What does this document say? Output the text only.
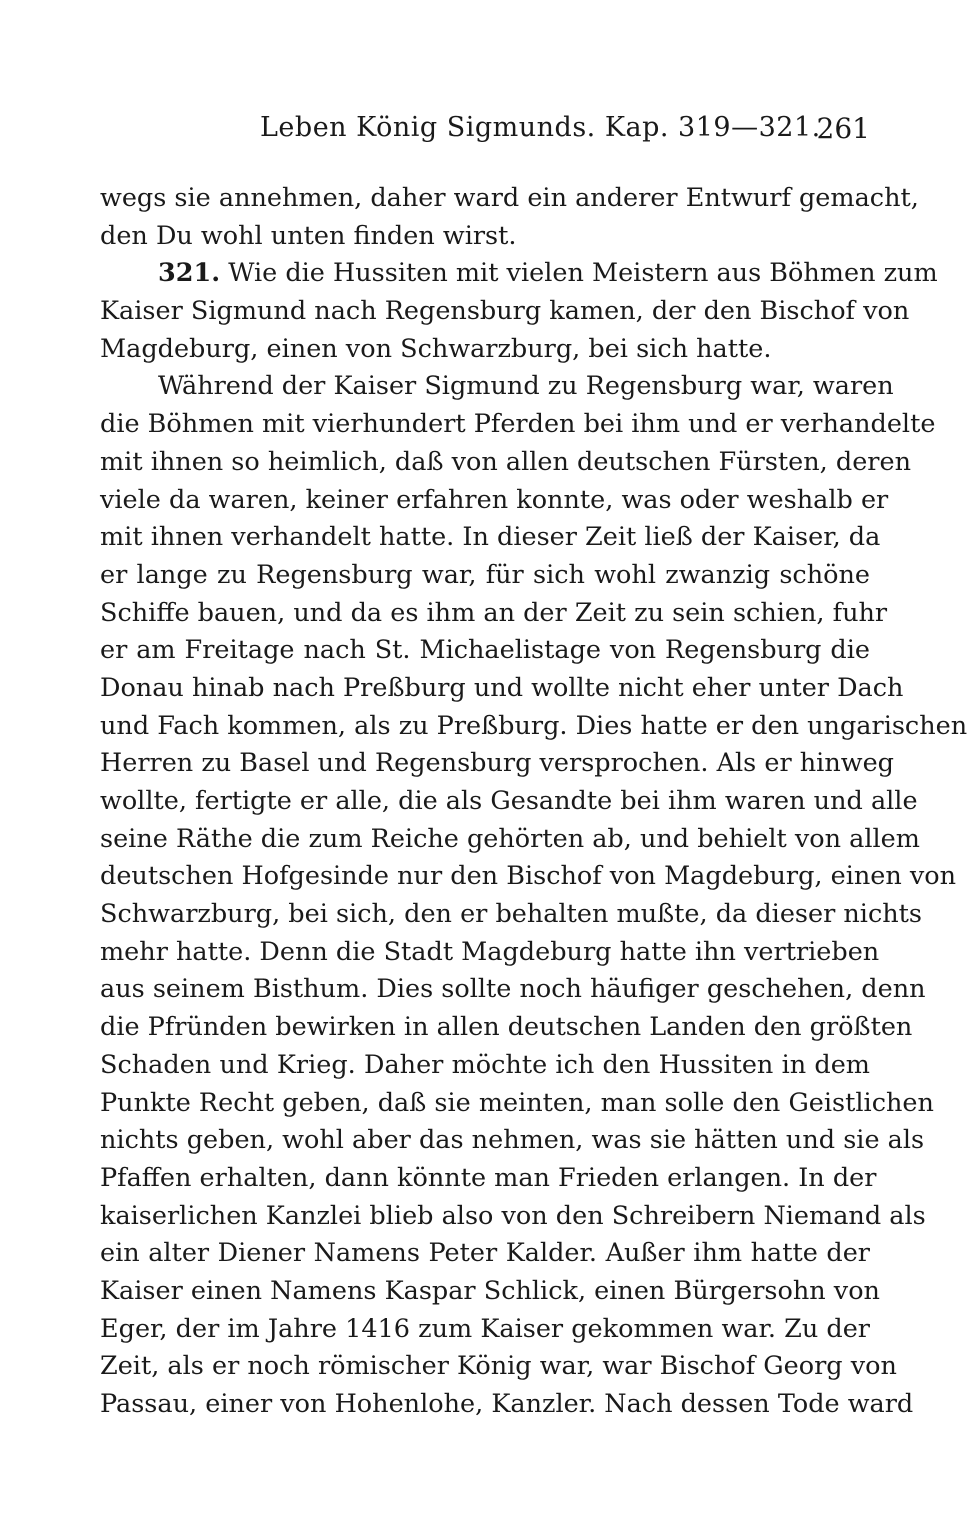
Leben König Sigmunds. Kap. 319—321.
261
wegs sie annehmen, daher ward ein anderer Entwurf gemacht,
den Du wohl unten finden wirst.
321. Wie die Hussiten mit vielen Meistern aus Böhmen zum
Kaiser Sigmund nach Regensburg kamen, der den Bischof von
Magdeburg, einen von Schwarzburg, bei sich hatte.
Während der Kaiser Sigmund zu Regensburg war, waren
die Böhmen mit vierhundert Pferden bei ihm und er verhandelte
mit ihnen so heimlich, daß von allen deutschen Fürsten, deren
viele da waren, keiner erfahren konnte, was oder weshalb er
mit ihnen verhandelt hatte. In dieser Zeit ließ der Kaiser, da
er lange zu Regensburg war, für sich wohl zwanzig schöne
Schiffe bauen, und da es ihm an der Zeit zu sein schien, fuhr
er am Freitage nach St. Michaelistage von Regensburg die
Donau hinab nach Preßburg und wollte nicht eher unter Dach
und Fach kommen, als zu Preßburg. Dies hatte er den ungarischen
Herren zu Basel und Regensburg versprochen. Als er hinweg
wollte, fertigte er alle, die als Gesandte bei ihm waren und alle
seine Räthe die zum Reiche gehörten ab, und behielt von allem
deutschen Hofgesinde nur den Bischof von Magdeburg, einen von
Schwarzburg, bei sich, den er behalten mußte, da dieser nichts
mehr hatte. Denn die Stadt Magdeburg hatte ihn vertrieben
aus seinem Bisthum. Dies sollte noch häufiger geschehen, denn
die Pfründen bewirken in allen deutschen Landen den größten
Schaden und Krieg. Daher möchte ich den Hussiten in dem
Punkte Recht geben, daß sie meinten, man solle den Geistlichen
nichts geben, wohl aber das nehmen, was sie hätten und sie als
Pfaffen erhalten, dann könnte man Frieden erlangen. In der
kaiserlichen Kanzlei blieb also von den Schreibern Niemand als
ein alter Diener Namens Peter Kalder. Außer ihm hatte der
Kaiser einen Namens Kaspar Schlick, einen Bürgersohn von
Eger, der im Jahre 1416 zum Kaiser gekommen war. Zu der
Zeit, als er noch römischer König war, war Bischof Georg von
Passau, einer von Hohenlohe, Kanzler. Nach dessen Tode ward
